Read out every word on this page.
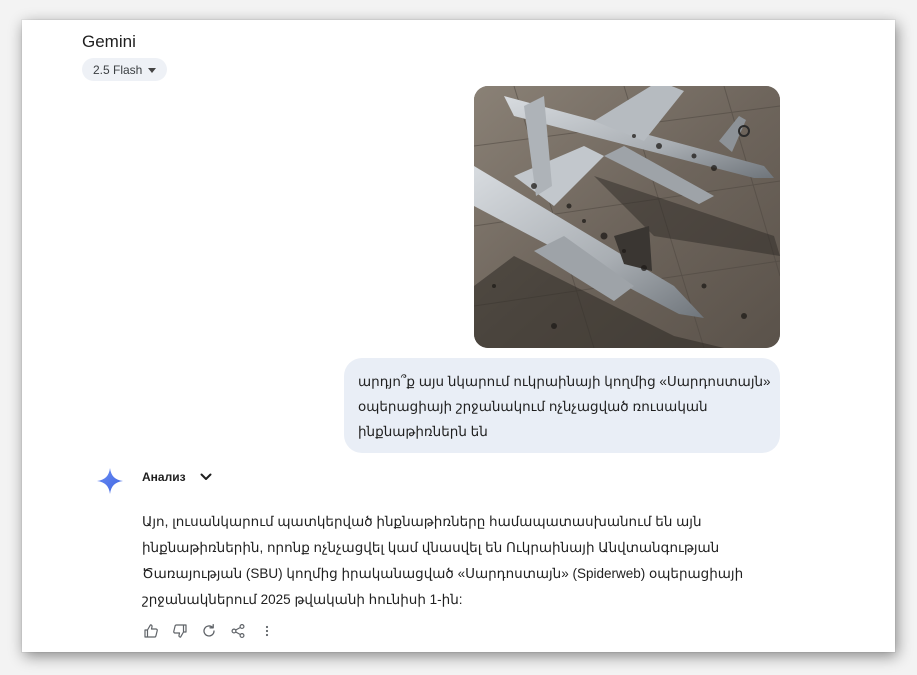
Gemini
2.5 Flash
արդյո՞ք այս նկարում ուկրաինայի կողմից «Սարդոստայն»
օպերացիայի շրջանակում ոչնչացված ռուսական
ինքնաթիռներն են
Анализ
Այո, լուսանկարում պատկերված ինքնաթիռները համապատասխանում են այն
ինքնաթիռներին, որոնք ոչնչացվել կամ վնասվել են Ուկրաինայի Անվտանգության
Ծառայության (SBU) կողմից իրականացված «Սարդոստայն» (Spiderweb) օպերացիայի
շրջանակներում 2025 թվականի հունիսի 1-ին:
